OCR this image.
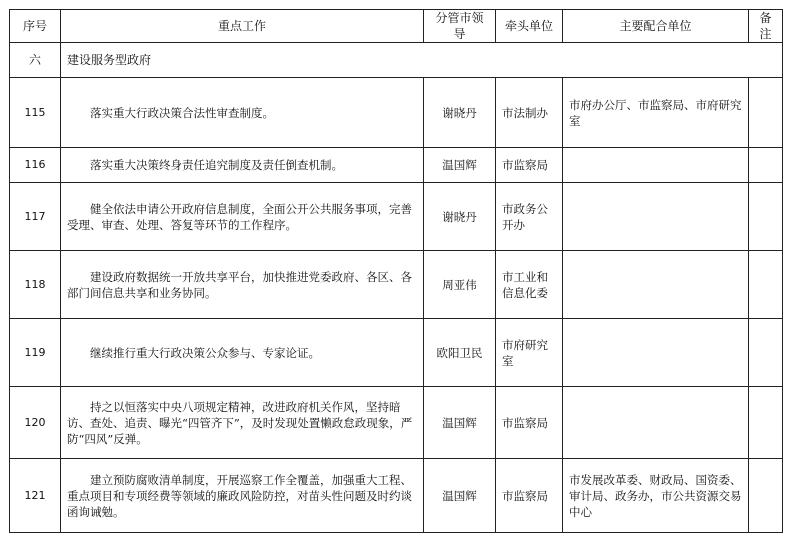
序号	重点工作	分管市领导	牵头单位	主要配合单位	备注
六	建设服务型政府				
115	落实重大行政决策合法性审查制度。	谢晓丹	市法制办	市府办公厅、市监察局、市府研究室	
116	落实重大决策终身责任追究制度及责任倒查机制。	温国辉	市监察局		
117	健全依法申请公开政府信息制度，全面公开公共服务事项，完善受理、审查、处理、答复等环节的工作程序。	谢晓丹	市政务公开办		
118	建设政府数据统一开放共享平台，加快推进党委政府、各区、各部门间信息共享和业务协同。	周亚伟	市工业和信息化委		
119	继续推行重大行政决策公众参与、专家论证。	欧阳卫民	市府研究室		
120	持之以恒落实中央八项规定精神，改进政府机关作风，坚持暗访、查处、追责、曝光“四管齐下”，及时发现处置懒政怠政现象，严防“四风”反弹。	温国辉	市监察局		
121	建立预防腐败清单制度，开展巡察工作全覆盖，加强重大工程、重点项目和专项经费等领域的廉政风险防控，对苗头性问题及时约谈函询诫勉。	温国辉	市监察局	市发展改革委、财政局、国资委、审计局、政务办，市公共资源交易中心	
